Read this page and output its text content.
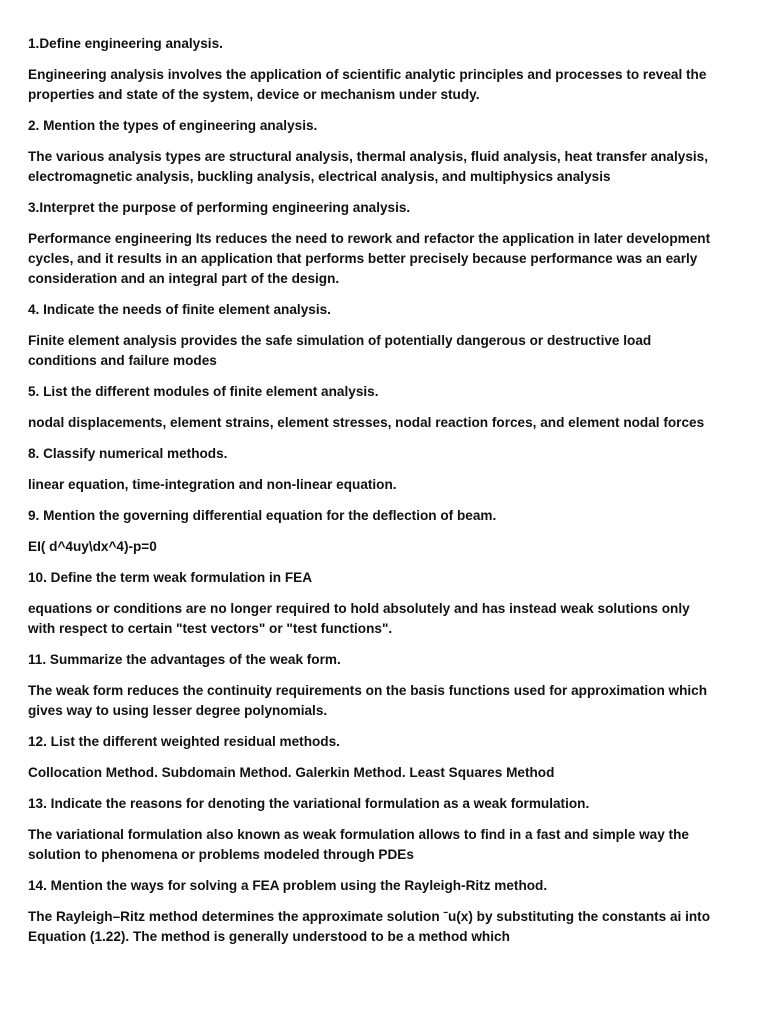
1.Define engineering analysis.

Engineering analysis involves the application of scientific analytic principles and processes to reveal the properties and state of the system, device or mechanism under study.

2. Mention the types of engineering analysis.

The various analysis types are structural analysis, thermal analysis, fluid analysis, heat transfer analysis, electromagnetic analysis, buckling analysis, electrical analysis, and multiphysics analysis

3.Interpret the purpose of performing engineering analysis.

Performance engineering Its reduces the need to rework and refactor the application in later development cycles, and it results in an application that performs better precisely because performance was an early consideration and an integral part of the design.

4. Indicate the needs of finite element analysis.

Finite element analysis provides the safe simulation of potentially dangerous or destructive load conditions and failure modes

5. List the different modules of finite element analysis.

nodal displacements, element strains, element stresses, nodal reaction forces, and element nodal forces

8. Classify numerical methods.

linear equation, time-integration and non-linear equation.

9. Mention the governing differential equation for the deflection of beam.

EI( d^4uy\dx^4)-p=0

10. Define the term weak formulation in FEA

equations or conditions are no longer required to hold absolutely and has instead weak solutions only with respect to certain "test vectors" or "test functions".

11. Summarize the advantages of the weak form.

The weak form reduces the continuity requirements on the basis functions used for approximation which gives way to using lesser degree polynomials.

12. List the different weighted residual methods.

Collocation Method. Subdomain Method. Galerkin Method. Least Squares Method

13. Indicate the reasons for denoting the variational formulation as a weak formulation.

The variational formulation also known as weak formulation allows to find in a fast and simple way the solution to phenomena or problems modeled through PDEs

14. Mention the ways for solving a FEA problem using the Rayleigh-Ritz method.

The Rayleigh–Ritz method determines the approximate solution ˉu(x) by substituting the constants ai into Equation (1.22). The method is generally understood to be a method which
